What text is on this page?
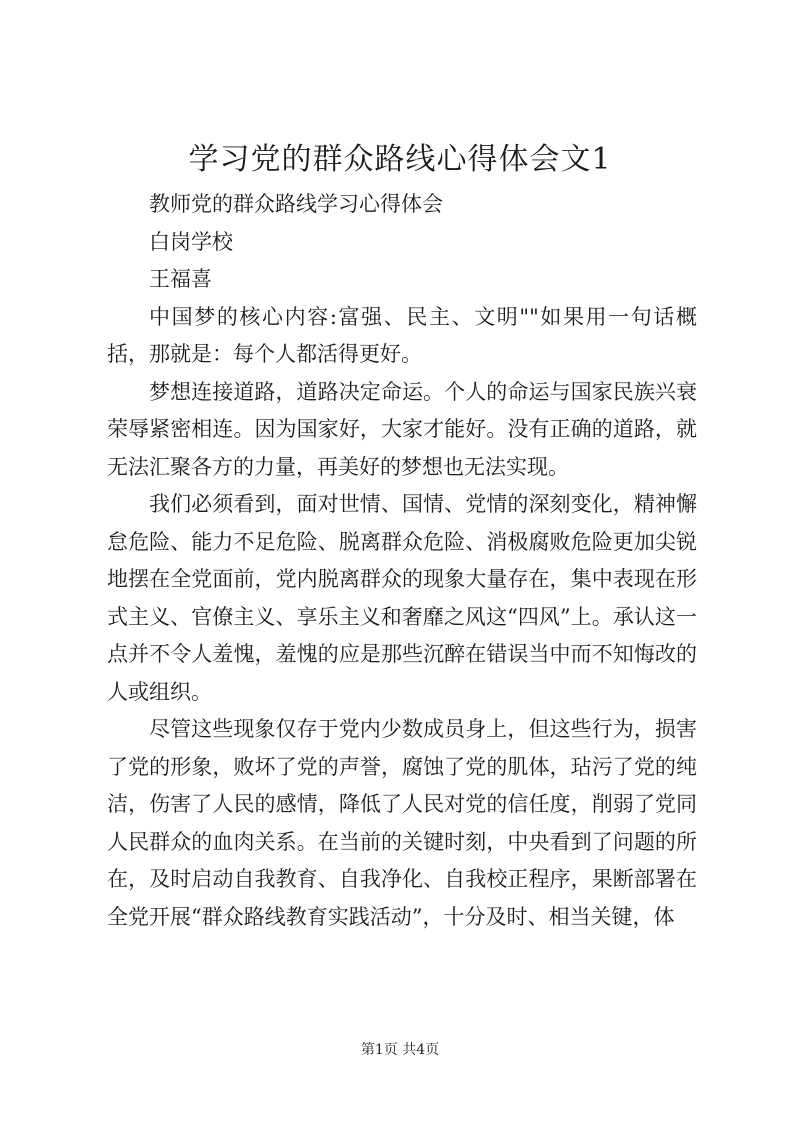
学习党的群众路线心得体会文1

教师党的群众路线学习心得体会

白岗学校

王福喜

中国梦的核心内容:富强、民主、文明""如果用一句话概括，那就是：每个人都活得更好。

梦想连接道路，道路决定命运。个人的命运与国家民族兴衰荣辱紧密相连。因为国家好，大家才能好。没有正确的道路，就无法汇聚各方的力量，再美好的梦想也无法实现。

我们必须看到，面对世情、国情、党情的深刻变化，精神懈怠危险、能力不足危险、脱离群众危险、消极腐败危险更加尖锐地摆在全党面前，党内脱离群众的现象大量存在，集中表现在形式主义、官僚主义、享乐主义和奢靡之风这“四风”上。承认这一点并不令人羞愧，羞愧的应是那些沉醉在错误当中而不知悔改的人或组织。

尽管这些现象仅存于党内少数成员身上，但这些行为，损害了党的形象，败坏了党的声誉，腐蚀了党的肌体，玷污了党的纯洁，伤害了人民的感情，降低了人民对党的信任度，削弱了党同人民群众的血肉关系。在当前的关键时刻，中央看到了问题的所在，及时启动自我教育、自我净化、自我校正程序，果断部署在全党开展“群众路线教育实践活动”，十分及时、相当关键，体

第1页 共4页
